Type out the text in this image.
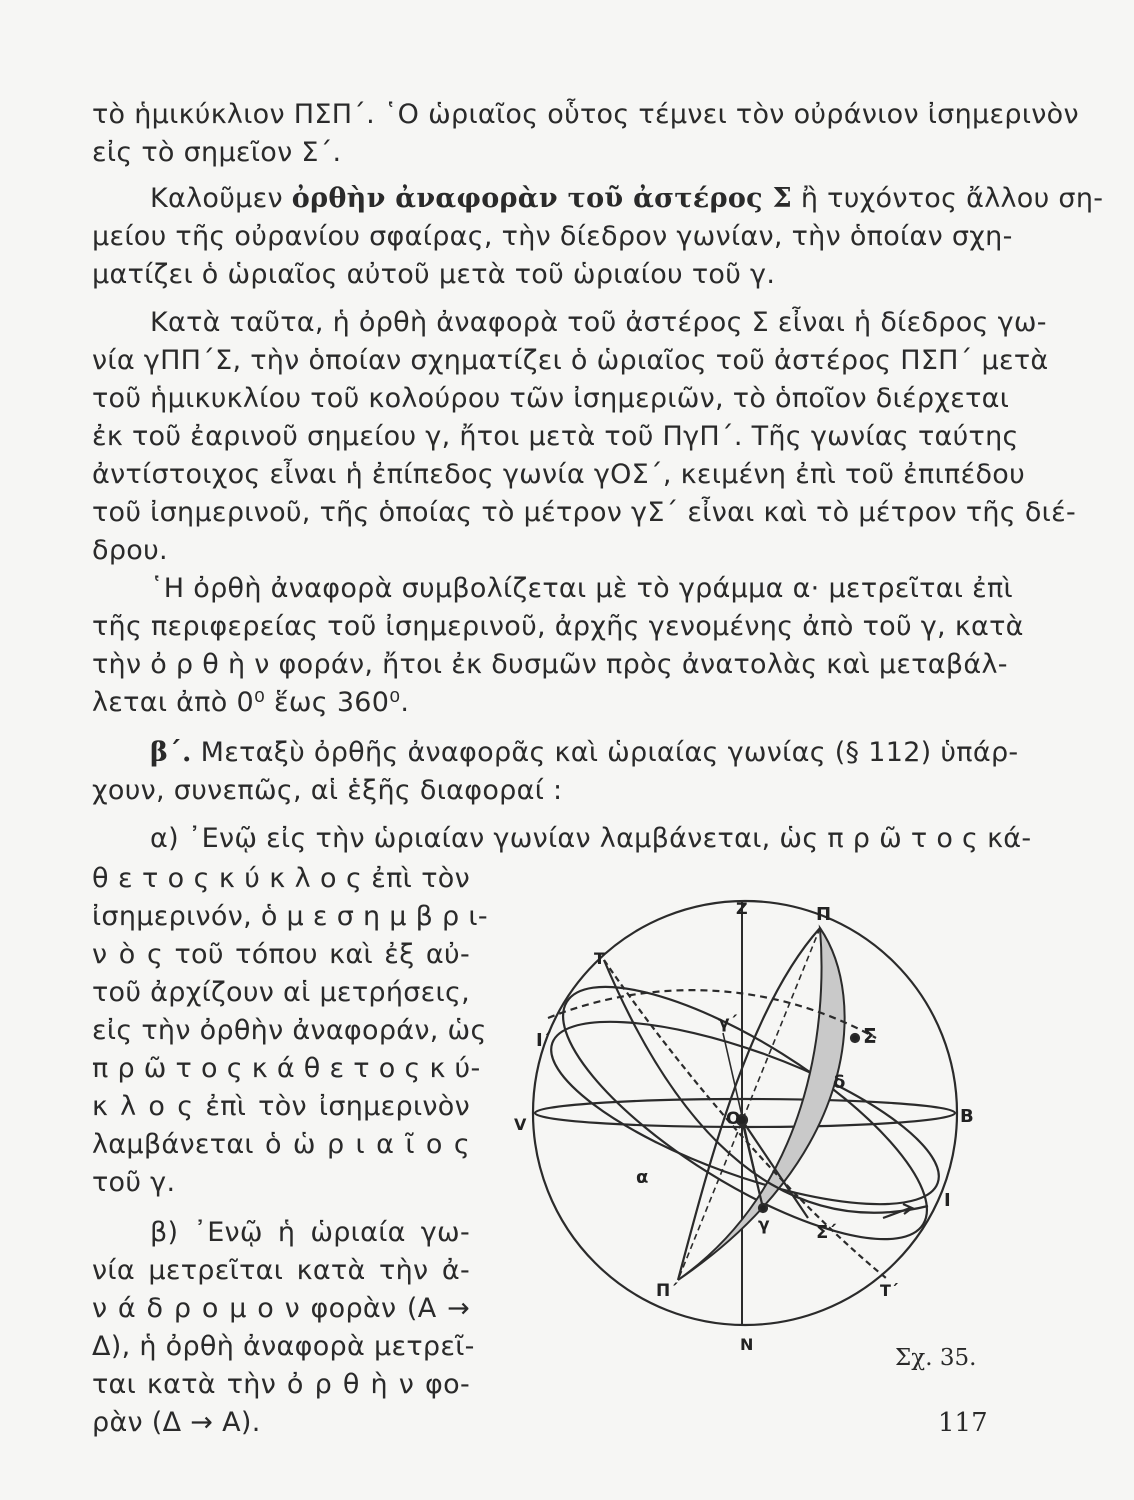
τὸ ἡμικύκλιον ΠΣΠ΄. ῾Ο ὡριαῖος οὗτος τέμνει τὸν οὐράνιον ἰσημερινὸν
εἰς τὸ σημεῖον Σ΄.
Καλοῦμεν ὀρθὴν ἀναφορὰν τοῦ ἀστέρος Σ ἢ τυχόντος ἄλλου ση-
μείου τῆς οὐρανίου σφαίρας, τὴν δίεδρον γωνίαν, τὴν ὁποίαν σχη-
ματίζει ὁ ὡριαῖος αὐτοῦ μετὰ τοῦ ὡριαίου τοῦ γ.
Κατὰ ταῦτα, ἡ ὀρθὴ ἀναφορὰ τοῦ ἀστέρος Σ εἶναι ἡ δίεδρος γω-
νία γΠΠ΄Σ, τὴν ὁποίαν σχηματίζει ὁ ὡριαῖος τοῦ ἀστέρος ΠΣΠ΄ μετὰ
τοῦ ἡμικυκλίου τοῦ κολούρου τῶν ἰσημεριῶν, τὸ ὁποῖον διέρχεται
ἐκ τοῦ ἐαρινοῦ σημείου γ, ἤτοι μετὰ τοῦ ΠγΠ΄. Τῆς γωνίας ταύτης
ἀντίστοιχος εἶναι ἡ ἐπίπεδος γωνία γΟΣ΄, κειμένη ἐπὶ τοῦ ἐπιπέδου
τοῦ ἰσημερινοῦ, τῆς ὁποίας τὸ μέτρον γΣ΄ εἶναι καὶ τὸ μέτρον τῆς διέ-
δρου.
῾Η ὀρθὴ ἀναφορὰ συμβολίζεται μὲ τὸ γράμμα α· μετρεῖται ἐπὶ
τῆς περιφερείας τοῦ ἰσημερινοῦ, ἀρχῆς γενομένης ἀπὸ τοῦ γ, κατὰ
τὴν ὀ ρ θ ὴ ν φοράν, ἤτοι ἐκ δυσμῶν πρὸς ἀνατολὰς καὶ μεταβάλ-
λεται ἀπὸ 0⁰ ἕως 360⁰.
β΄. Μεταξὺ ὀρθῆς ἀναφορᾶς καὶ ὡριαίας γωνίας (§ 112) ὑπάρ-
χουν, συνεπῶς, αἱ ἑξῆς διαφοραί :
α) ᾿Ενῷ εἰς τὴν ὡριαίαν γωνίαν λαμβάνεται, ὡς π ρ ῶ τ ο ς κά-
θ ε τ ο ς κ ύ κ λ ο ς ἐπὶ τὸν
ἰσημερινόν, ὁ μ ε σ η μ β ρ ι-
ν ὸ ς τοῦ τόπου καὶ ἐξ αὐ-
τοῦ ἀρχίζουν αἱ μετρήσεις,
εἰς τὴν ὀρθὴν ἀναφοράν, ὡς
π ρ ῶ τ ο ς κ ά θ ε τ ο ς κ ύ-
κ λ ο ς ἐπὶ τὸν ἰσημερινὸν
λαμβάνεται ὁ ὡ ρ ι α ῖ ο ς
τοῦ γ.
β) ᾿Ενῷ ἡ ὡριαία γω-
νία μετρεῖται κατὰ τὴν ἀ-
ν ά δ ρ ο μ ο ν φορὰν (Α →
Δ), ἡ ὀρθὴ ἀναφορὰ μετρεῖ-
ται κατὰ τὴν ὀ ρ θ ὴ ν φο-
ρὰν (Δ → Α).
Z	Π
T
Ι΄
γ΄
Σ
δ
V	O	B
α
Ι
γ	Σ΄
T΄
Π΄
N
Σχ. 35.
117
